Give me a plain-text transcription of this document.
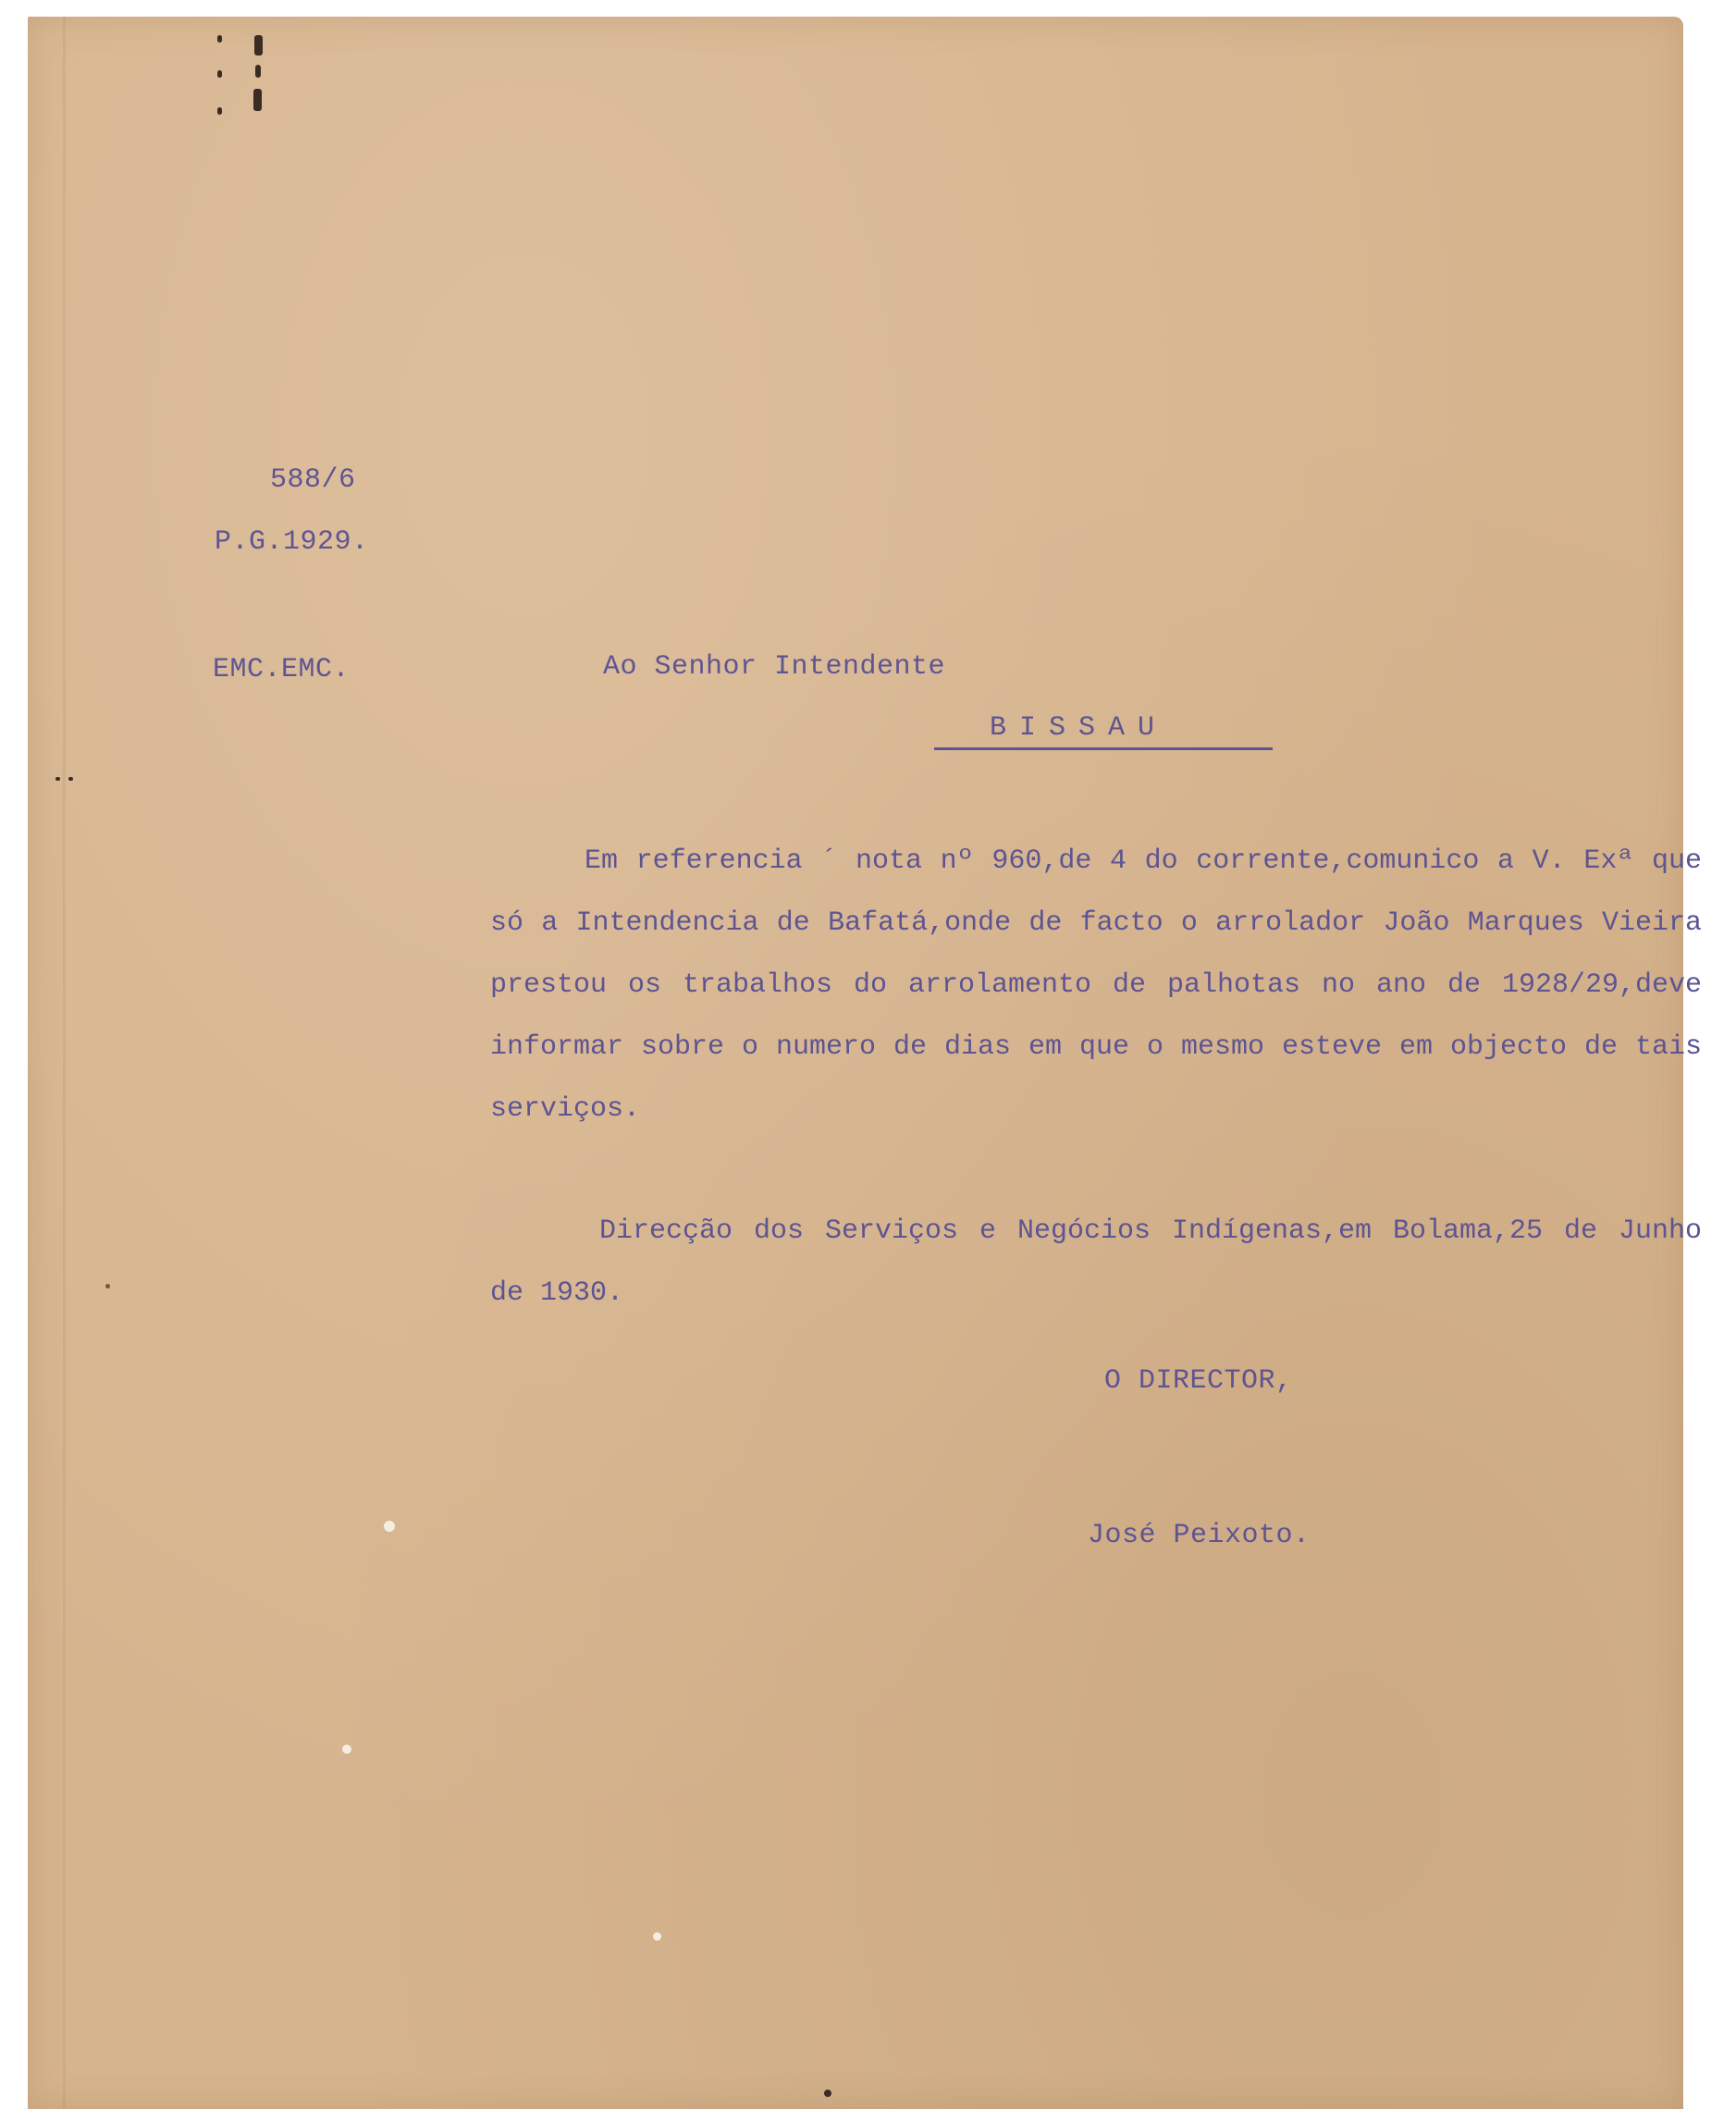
588/6

P.G.1929.

EMC.EMC.	Ao Senhor Intendente

BISSAU

Em referencia ´ nota nº 960,de 4 do corrente,comunico a V. Exª que só a Intendencia de Bafatá,onde de facto o arrolador João Marques Vieira prestou os trabalhos do arrolamento de palhotas no ano de 1928/29,deve informar sobre o numero de dias em que o mesmo esteve em objecto de tais serviços.

Direcção dos Serviços e Negócios Indígenas,em Bolama,25 de Junho de 1930.

O DIRECTOR,

José Peixoto.
